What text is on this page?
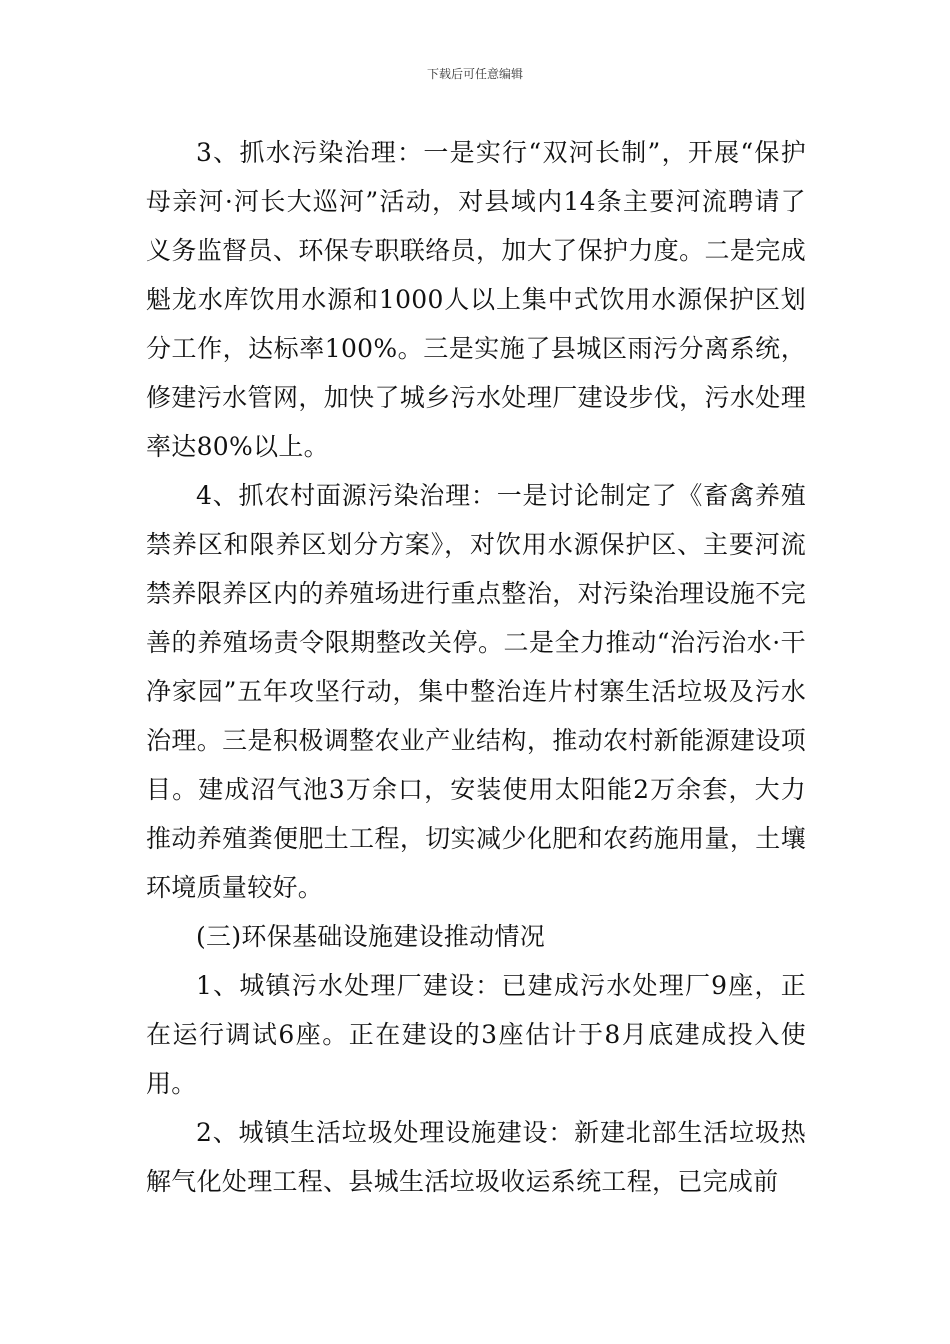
下载后可任意编辑

3、抓水污染治理：一是实行“双河长制”，开展“保护母亲河·河长大巡河”活动，对县域内14条主要河流聘请了义务监督员、环保专职联络员，加大了保护力度。二是完成魁龙水库饮用水源和1000人以上集中式饮用水源保护区划分工作，达标率100%。三是实施了县城区雨污分离系统，修建污水管网，加快了城乡污水处理厂建设步伐，污水处理率达80%以上。

4、抓农村面源污染治理：一是讨论制定了《畜禽养殖禁养区和限养区划分方案》，对饮用水源保护区、主要河流禁养限养区内的养殖场进行重点整治，对污染治理设施不完善的养殖场责令限期整改关停。二是全力推动“治污治水·干净家园”五年攻坚行动，集中整治连片村寨生活垃圾及污水治理。三是积极调整农业产业结构，推动农村新能源建设项目。建成沼气池3万余口，安装使用太阳能2万余套，大力推动养殖粪便肥土工程，切实减少化肥和农药施用量，土壤环境质量较好。

(三)环保基础设施建设推动情况

1、城镇污水处理厂建设：已建成污水处理厂9座，正在运行调试6座。正在建设的3座估计于8月底建成投入使用。

2、城镇生活垃圾处理设施建设：新建北部生活垃圾热解气化处理工程、县城生活垃圾收运系统工程，已完成前
